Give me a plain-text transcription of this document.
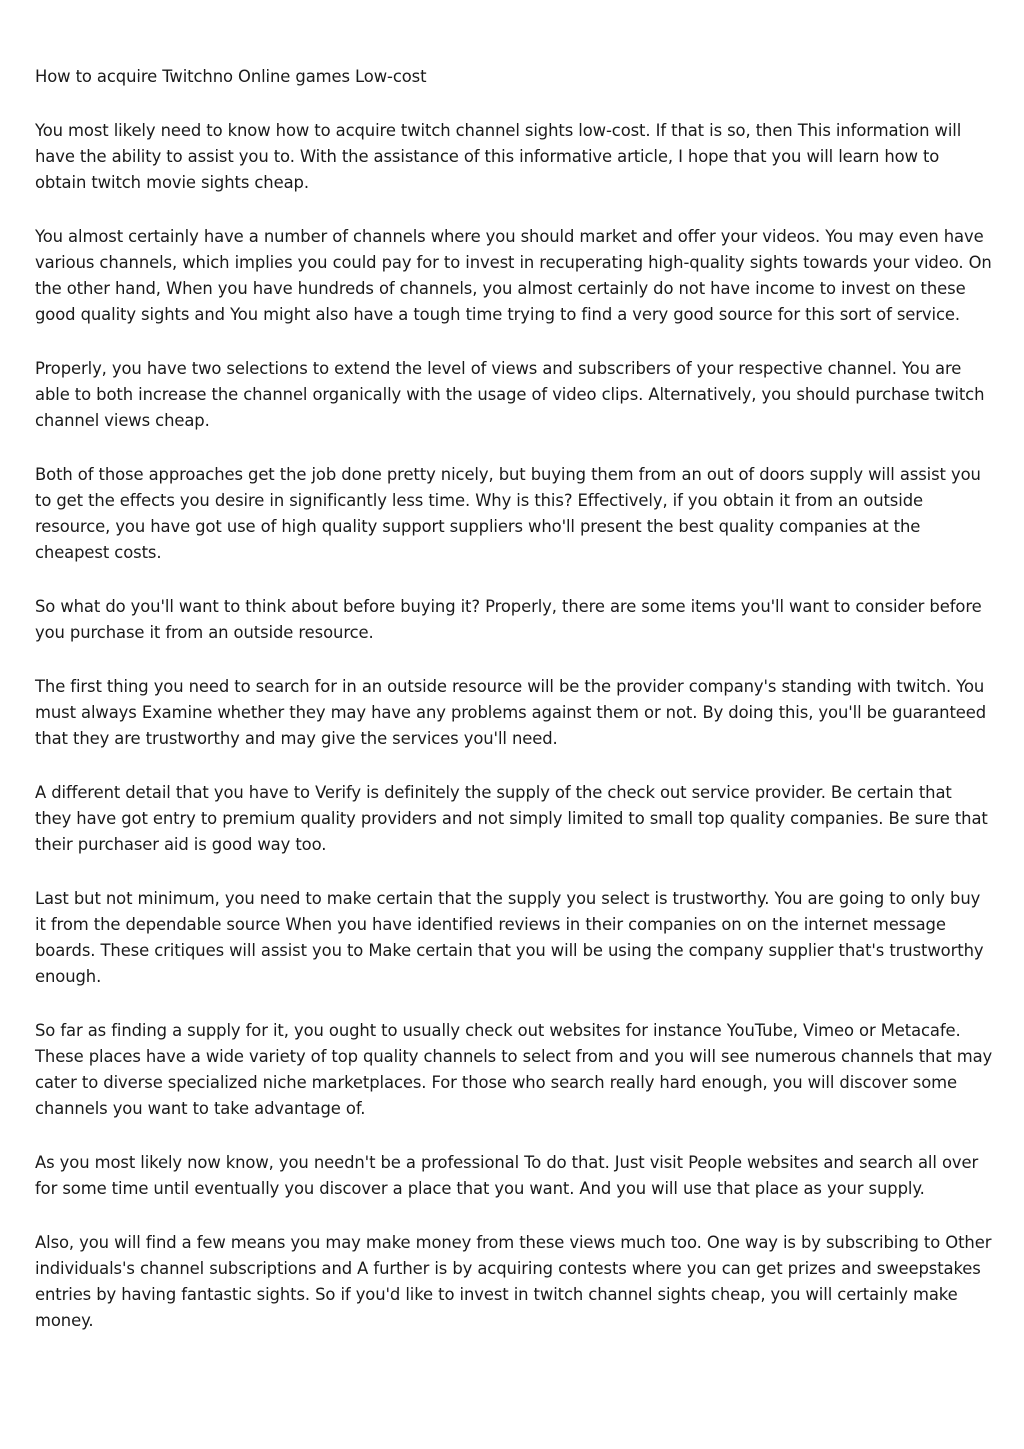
How to acquire Twitchno Online games Low-cost

You most likely need to know how to acquire twitch channel sights low-cost. If that is so, then This information will have the ability to assist you to. With the assistance of this informative article, I hope that you will learn how to obtain twitch movie sights cheap.

You almost certainly have a number of channels where you should market and offer your videos. You may even have various channels, which implies you could pay for to invest in recuperating high-quality sights towards your video. On the other hand, When you have hundreds of channels, you almost certainly do not have income to invest on these good quality sights and You might also have a tough time trying to find a very good source for this sort of service.

Properly, you have two selections to extend the level of views and subscribers of your respective channel. You are able to both increase the channel organically with the usage of video clips. Alternatively, you should purchase twitch channel views cheap.

Both of those approaches get the job done pretty nicely, but buying them from an out of doors supply will assist you to get the effects you desire in significantly less time. Why is this? Effectively, if you obtain it from an outside resource, you have got use of high quality support suppliers who'll present the best quality companies at the cheapest costs.

So what do you'll want to think about before buying it? Properly, there are some items you'll want to consider before you purchase it from an outside resource.

The first thing you need to search for in an outside resource will be the provider company's standing with twitch. You must always Examine whether they may have any problems against them or not. By doing this, you'll be guaranteed that they are trustworthy and may give the services you'll need.

A different detail that you have to Verify is definitely the supply of the check out service provider. Be certain that they have got entry to premium quality providers and not simply limited to small top quality companies. Be sure that their purchaser aid is good way too.

Last but not minimum, you need to make certain that the supply you select is trustworthy. You are going to only buy it from the dependable source When you have identified reviews in their companies on on the internet message boards. These critiques will assist you to Make certain that you will be using the company supplier that's trustworthy enough.

So far as finding a supply for it, you ought to usually check out websites for instance YouTube, Vimeo or Metacafe. These places have a wide variety of top quality channels to select from and you will see numerous channels that may cater to diverse specialized niche marketplaces. For those who search really hard enough, you will discover some channels you want to take advantage of.

As you most likely now know, you needn't be a professional To do that. Just visit People websites and search all over for some time until eventually you discover a place that you want. And you will use that place as your supply.

Also, you will find a few means you may make money from these views much too. One way is by subscribing to Other individuals's channel subscriptions and A further is by acquiring contests where you can get prizes and sweepstakes entries by having fantastic sights. So if you'd like to invest in twitch channel sights cheap, you will certainly make money.
